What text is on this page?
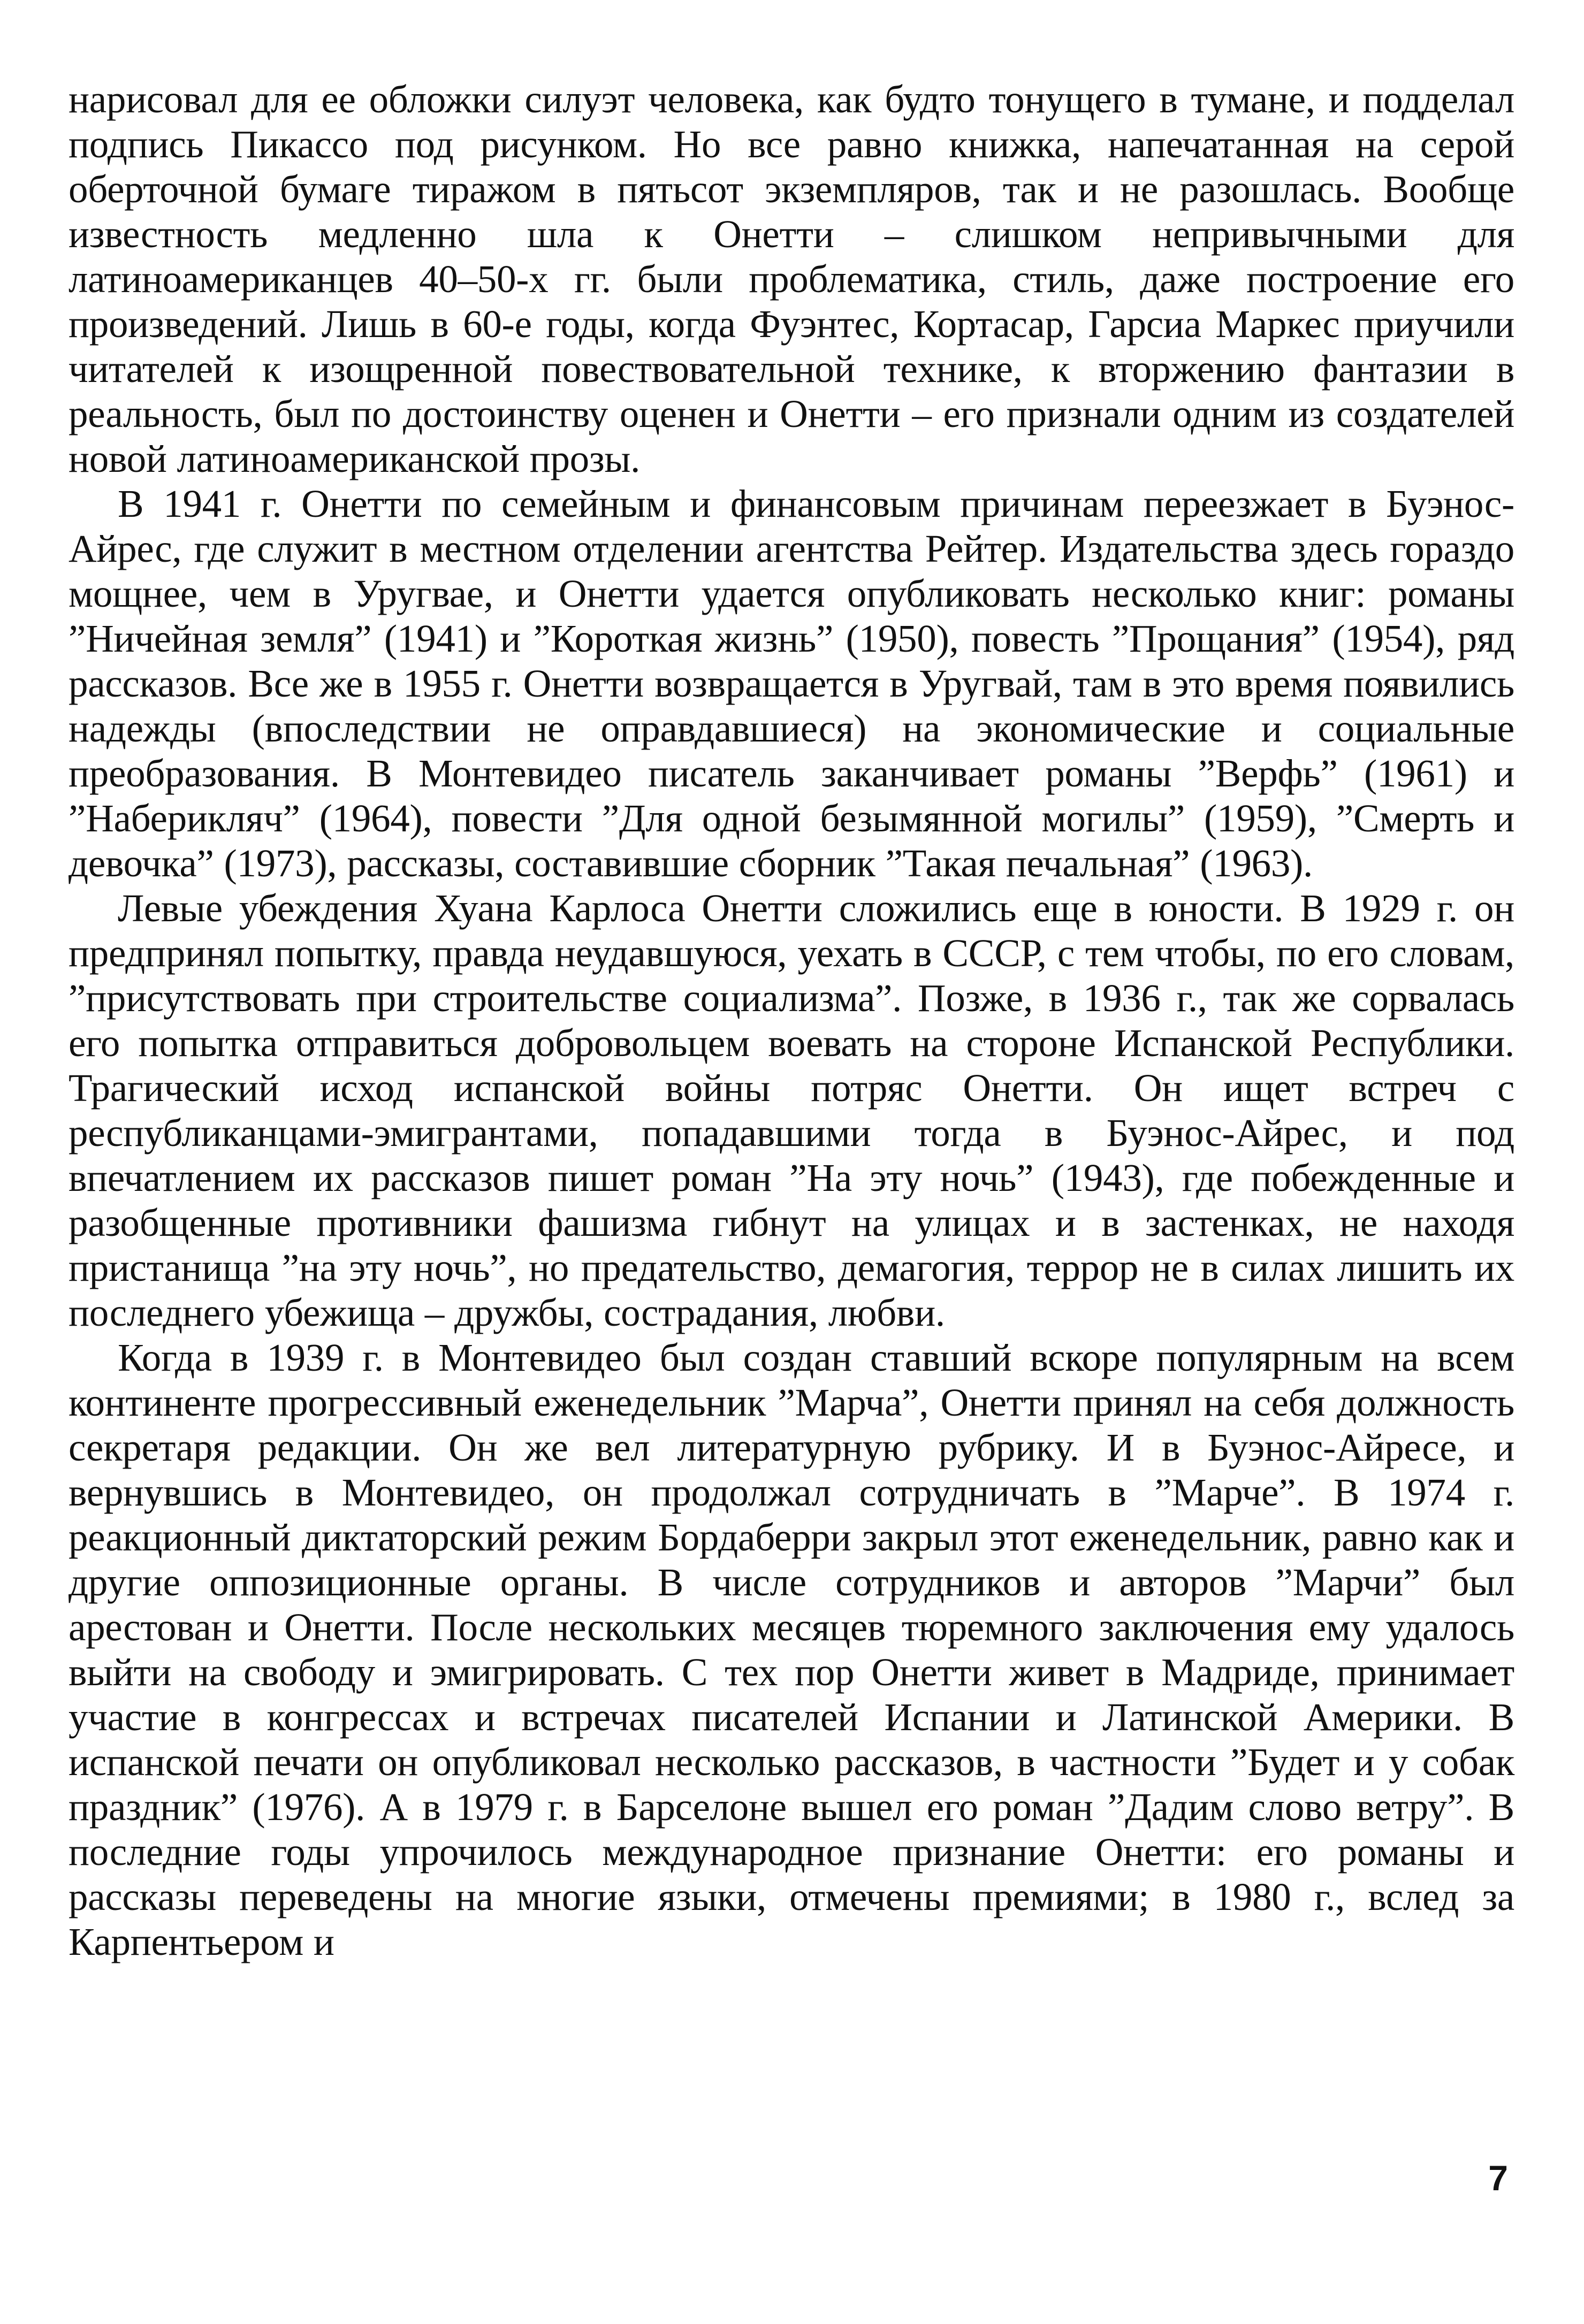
нарисовал для ее обложки силуэт человека, как будто тонущего в тумане, и подделал подпись Пикассо под рисунком. Но все равно книжка, напечатанная на серой оберточной бумаге тиражом в пятьсот экземпляров, так и не разошлась. Вообще известность медленно шла к Онетти – слишком непривычными для латиноамериканцев 40–50-х гг. были проблематика, стиль, даже построение его произведений. Лишь в 60-е годы, когда Фуэнтес, Кортасар, Гарсиа Маркес приучили читателей к изощренной повествовательной технике, к вторжению фантазии в реальность, был по достоинству оценен и Онетти – его признали одним из создателей новой латиноамериканской прозы.

В 1941 г. Онетти по семейным и финансовым причинам переезжает в Буэнос-Айрес, где служит в местном отделении агентства Рейтер. Издательства здесь гораздо мощнее, чем в Уругвае, и Онетти удается опубликовать несколько книг: романы ”Ничейная земля” (1941) и ”Короткая жизнь” (1950), повесть ”Прощания” (1954), ряд рассказов. Все же в 1955 г. Онетти возвращается в Уругвай, там в это время появились надежды (впоследствии не оправдавшиеся) на экономические и социальные преобразования. В Монтевидео писатель заканчивает романы ”Верфь” (1961) и ”Наберикляч” (1964), повести ”Для одной безымянной могилы” (1959), ”Смерть и девочка” (1973), рассказы, составившие сборник ”Такая печальная” (1963).

Левые убеждения Хуана Карлоса Онетти сложились еще в юности. В 1929 г. он предпринял попытку, правда неудавшуюся, уехать в СССР, с тем чтобы, по его словам, ”присутствовать при строительстве социализма”. Позже, в 1936 г., так же сорвалась его попытка отправиться добровольцем воевать на стороне Испанской Республики. Трагический исход испанской войны потряс Онетти. Он ищет встреч с республиканцами-эмигрантами, попадавшими тогда в Буэнос-Айрес, и под впечатлением их рассказов пишет роман ”На эту ночь” (1943), где побежденные и разобщенные противники фашизма гибнут на улицах и в застенках, не находя пристанища ”на эту ночь”, но предательство, демагогия, террор не в силах лишить их последнего убежища – дружбы, сострадания, любви.

Когда в 1939 г. в Монтевидео был создан ставший вскоре популярным на всем континенте прогрессивный еженедельник ”Марча”, Онетти принял на себя должность секретаря редакции. Он же вел литературную рубрику. И в Буэнос-Айресе, и вернувшись в Монтевидео, он продолжал сотрудничать в ”Марче”. В 1974 г. реакционный диктаторский режим Бордаберри закрыл этот еженедельник, равно как и другие оппозиционные органы. В числе сотрудников и авторов ”Марчи” был арестован и Онетти. После нескольких месяцев тюремного заключения ему удалось выйти на свободу и эмигрировать. С тех пор Онетти живет в Мадриде, принимает участие в конгрессах и встречах писателей Испании и Латинской Америки. В испанской печати он опубликовал несколько рассказов, в частности ”Будет и у собак праздник” (1976). А в 1979 г. в Барселоне вышел его роман ”Дадим слово ветру”. В последние годы упрочилось международное признание Онетти: его романы и рассказы переведены на многие языки, отмечены премиями; в 1980 г., вслед за Карпентьером и

7
